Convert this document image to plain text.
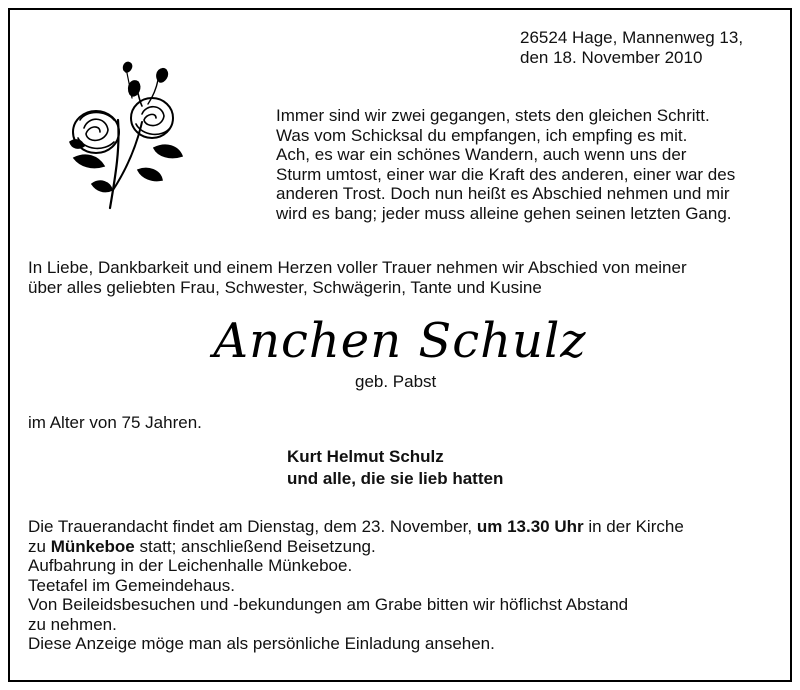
26524 Hage, Mannenweg 13,
den 18. November 2010
Immer sind wir zwei gegangen, stets den gleichen Schritt.
Was vom Schicksal du empfangen, ich empfing es mit.
Ach, es war ein schönes Wandern, auch wenn uns der
Sturm umtost, einer war die Kraft des anderen, einer war des
anderen Trost. Doch nun heißt es Abschied nehmen und mir
wird es bang; jeder muss alleine gehen seinen letzten Gang.
In Liebe, Dankbarkeit und einem Herzen voller Trauer nehmen wir Abschied von meiner
über alles geliebten Frau, Schwester, Schwägerin, Tante und Kusine
Anchen Schulz
geb. Pabst
im Alter von 75 Jahren.
Kurt Helmut Schulz
und alle, die sie lieb hatten
Die Trauerandacht findet am Dienstag, dem 23. November, um 13.30 Uhr in der Kirche
zu Münkeboe statt; anschließend Beisetzung.
Aufbahrung in der Leichenhalle Münkeboe.
Teetafel im Gemeindehaus.
Von Beileidsbesuchen und -bekundungen am Grabe bitten wir höflichst Abstand
zu nehmen.
Diese Anzeige möge man als persönliche Einladung ansehen.
